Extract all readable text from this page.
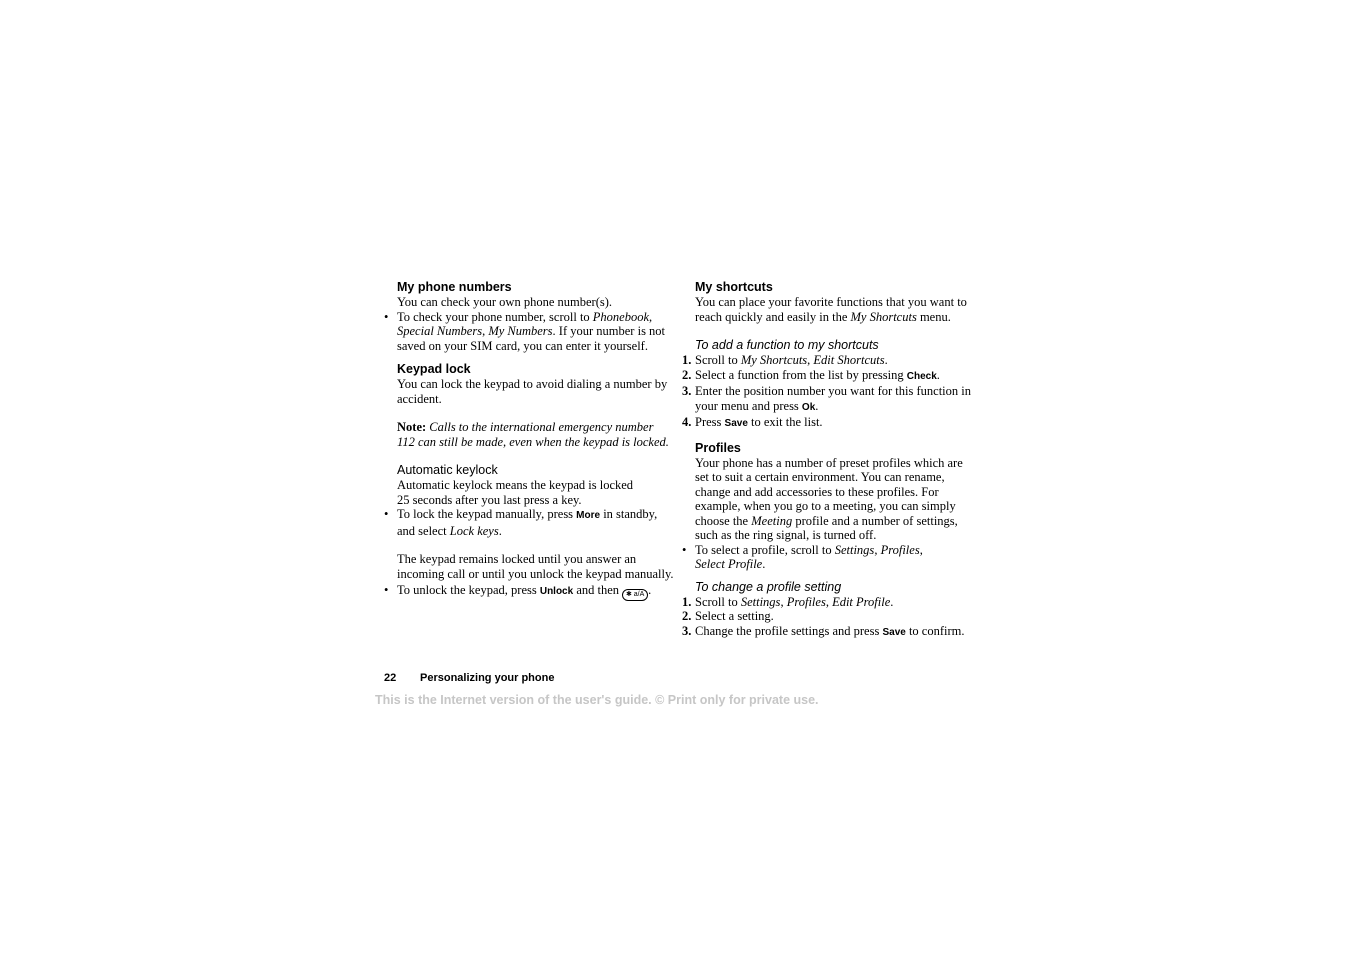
My phone numbers
You can check your own phone number(s).
• To check your phone number, scroll to Phonebook,
Special Numbers, My Numbers. If your number is not saved on your SIM card, you can enter it yourself.
Keypad lock
You can lock the keypad to avoid dialing a number by accident.
Note: Calls to the international emergency number 112 can still be made, even when the keypad is locked.
Automatic keylock
Automatic keylock means the keypad is locked
25 seconds after you last press a key.
• To lock the keypad manually, press More in standby, and select Lock keys.
The keypad remains locked until you answer an incoming call or until you unlock the keypad manually.
• To unlock the keypad, press Unlock and then ✱ a/A .
My shortcuts
You can place your favorite functions that you want to reach quickly and easily in the My Shortcuts menu.
To add a function to my shortcuts
1. Scroll to My Shortcuts, Edit Shortcuts.
2. Select a function from the list by pressing Check.
3. Enter the position number you want for this function in your menu and press Ok.
4. Press Save to exit the list.
Profiles
Your phone has a number of preset profiles which are set to suit a certain environment. You can rename, change and add accessories to these profiles. For example, when you go to a meeting, you can simply choose the Meeting profile and a number of settings, such as the ring signal, is turned off.
• To select a profile, scroll to Settings, Profiles,
Select Profile.
To change a profile setting
1. Scroll to Settings, Profiles, Edit Profile.
2. Select a setting.
3. Change the profile settings and press Save to confirm.
22 Personalizing your phone
This is the Internet version of the user's guide. © Print only for private use.
